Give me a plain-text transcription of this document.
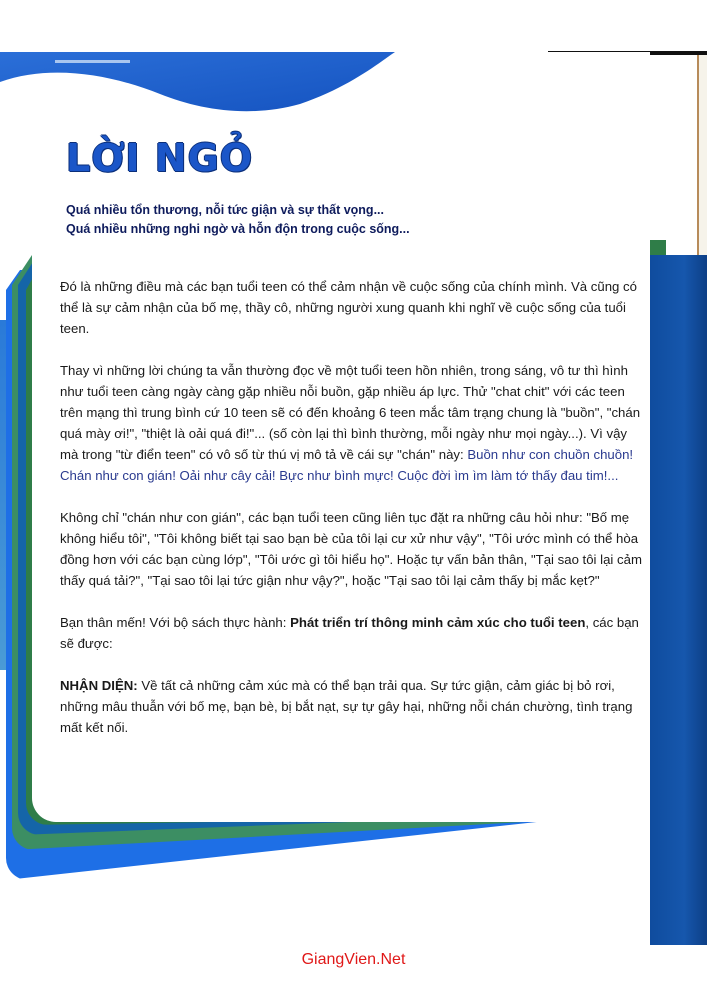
LỜI NGỎ
Quá nhiều tổn thương, nỗi tức giận và sự thất vọng...
Quá nhiều những nghi ngờ và hỗn độn trong cuộc sống...

Đó là những điều mà các bạn tuổi teen có thể cảm nhận về cuộc sống của chính mình. Và cũng có thể là sự cảm nhận của bố mẹ, thầy cô, những người xung quanh khi nghĩ về cuộc sống của tuổi teen.

Thay vì những lời chúng ta vẫn thường đọc về một tuổi teen hồn nhiên, trong sáng, vô tư thì hình như tuổi teen càng ngày càng gặp nhiều nỗi buồn, gặp nhiều áp lực. Thử "chat chit" với các teen trên mạng thì trung bình cứ 10 teen sẽ có đến khoảng 6 teen mắc tâm trạng chung là "buồn", "chán quá mày ơi!", "thiệt là oải quá đi!"... (số còn lại thì bình thường, mỗi ngày như mọi ngày...). Vì vậy mà trong "từ điển teen" có vô số từ thú vị mô tả về cái sự "chán" này: Buồn như con chuồn chuồn! Chán như con gián! Oải như cây cải! Bực như bình mực! Cuộc đời ìm ìm làm tớ thấy đau tim!...

Không chỉ "chán như con gián", các bạn tuổi teen cũng liên tục đặt ra những câu hỏi như: "Bố mẹ không hiểu tôi", "Tôi không biết tại sao bạn bè của tôi lại cư xử như vậy", "Tôi ước mình có thể hòa đồng hơn với các bạn cùng lớp", "Tôi ước gì tôi hiểu họ". Hoặc tự vấn bản thân, "Tại sao tôi lại cảm thấy quá tải?", "Tại sao tôi lại tức giận như vậy?", hoặc "Tại sao tôi lại cảm thấy bị mắc kẹt?"

Bạn thân mến! Với bộ sách thực hành: Phát triển trí thông minh cảm xúc cho tuổi teen, các bạn sẽ được:

NHẬN DIỆN: Về tất cả những cảm xúc mà có thể bạn trải qua. Sự tức giận, cảm giác bị bỏ rơi, những mâu thuẫn với bố mẹ, bạn bè, bị bắt nạt, sự tự gây hại, những nỗi chán chường, tình trạng mất kết nối.

GiangVien.Net
